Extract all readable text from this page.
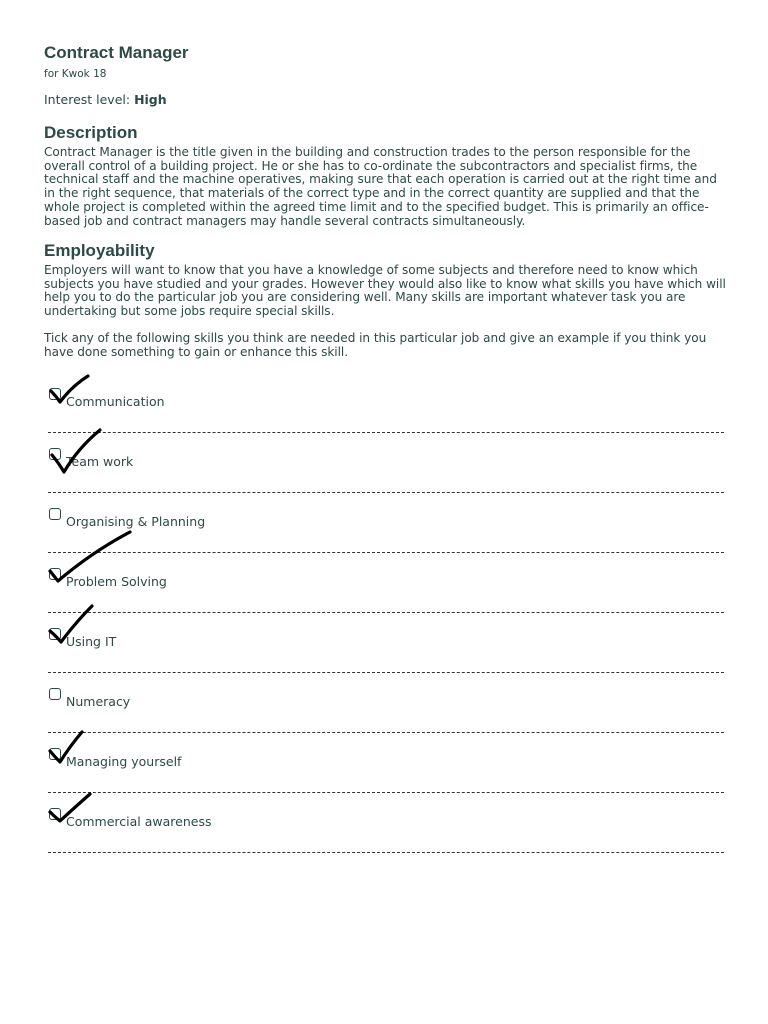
Contract Manager
for Kwok 18
Interest level: High
Description

Contract Manager is the title given in the building and construction trades to the person responsible for the overall control of a building project. He or she has to co-ordinate the subcontractors and specialist firms, the technical staff and the machine operatives, making sure that each operation is carried out at the right time and in the right sequence, that materials of the correct type and in the correct quantity are supplied and that the whole project is completed within the agreed time limit and to the specified budget. This is primarily an office-based job and contract managers may handle several contracts simultaneously.

Employability

Employers will want to know that you have a knowledge of some subjects and therefore need to know which subjects you have studied and your grades. However they would also like to know what skills you have which will help you to do the particular job you are considering well. Many skills are important whatever task you are undertaking but some jobs require special skills.

Tick any of the following skills you think are needed in this particular job and give an example if you think you have done something to gain or enhance this skill.

Communication
Team work
Organising & Planning
Problem Solving
Using IT
Numeracy
Managing yourself
Commercial awareness
